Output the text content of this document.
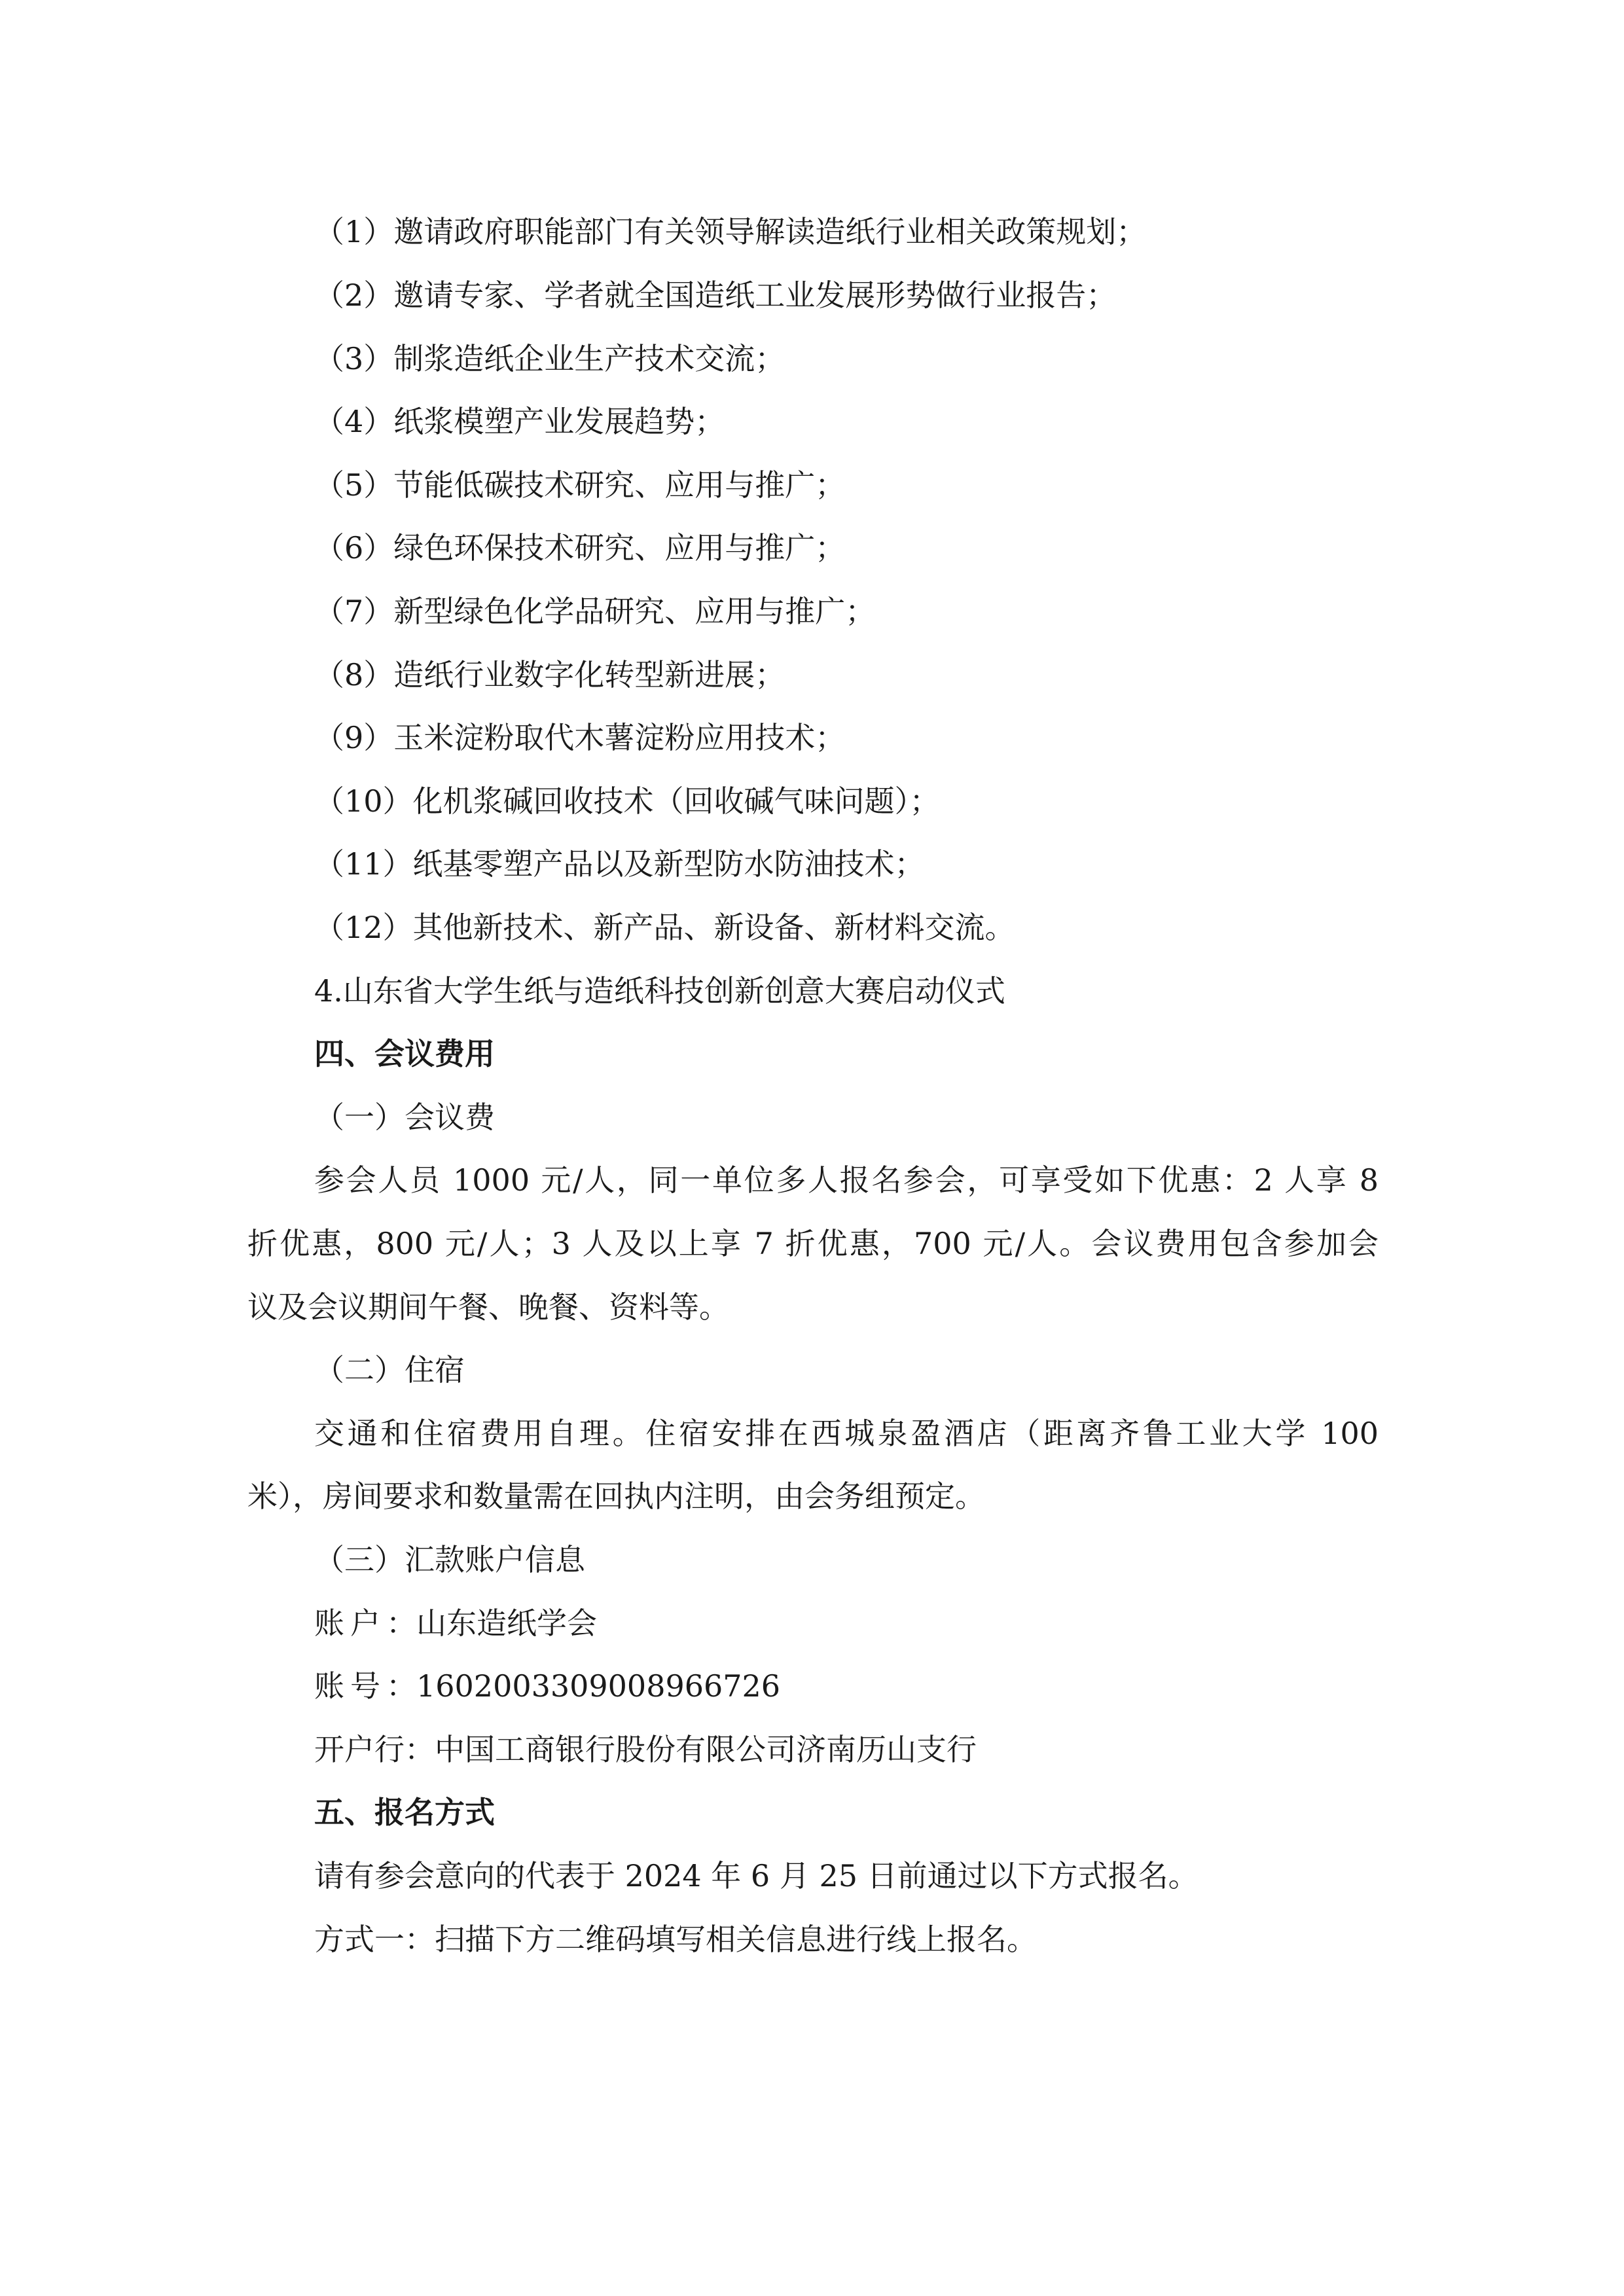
（1）邀请政府职能部门有关领导解读造纸行业相关政策规划；
（2）邀请专家、学者就全国造纸工业发展形势做行业报告；
（3）制浆造纸企业生产技术交流；
（4）纸浆模塑产业发展趋势；
（5）节能低碳技术研究、应用与推广；
（6）绿色环保技术研究、应用与推广；
（7）新型绿色化学品研究、应用与推广；
（8）造纸行业数字化转型新进展；
（9）玉米淀粉取代木薯淀粉应用技术；
（10）化机浆碱回收技术（回收碱气味问题）；
（11）纸基零塑产品以及新型防水防油技术；
（12）其他新技术、新产品、新设备、新材料交流。
4.山东省大学生纸与造纸科技创新创意大赛启动仪式
四、会议费用
（一）会议费
参会人员 1000 元/人，同一单位多人报名参会，可享受如下优惠：2 人享 8
折优惠，800 元/人；3 人及以上享 7 折优惠，700 元/人。会议费用包含参加会
议及会议期间午餐、晚餐、资料等。
（二）住宿
交通和住宿费用自理。住宿安排在西城泉盈酒店（距离齐鲁工业大学 100
米），房间要求和数量需在回执内注明，由会务组预定。
（三）汇款账户信息
账户：山东造纸学会
账号：1602003309008966726
开户行：中国工商银行股份有限公司济南历山支行
五、报名方式
请有参会意向的代表于 2024 年 6 月 25 日前通过以下方式报名。
方式一：扫描下方二维码填写相关信息进行线上报名。
